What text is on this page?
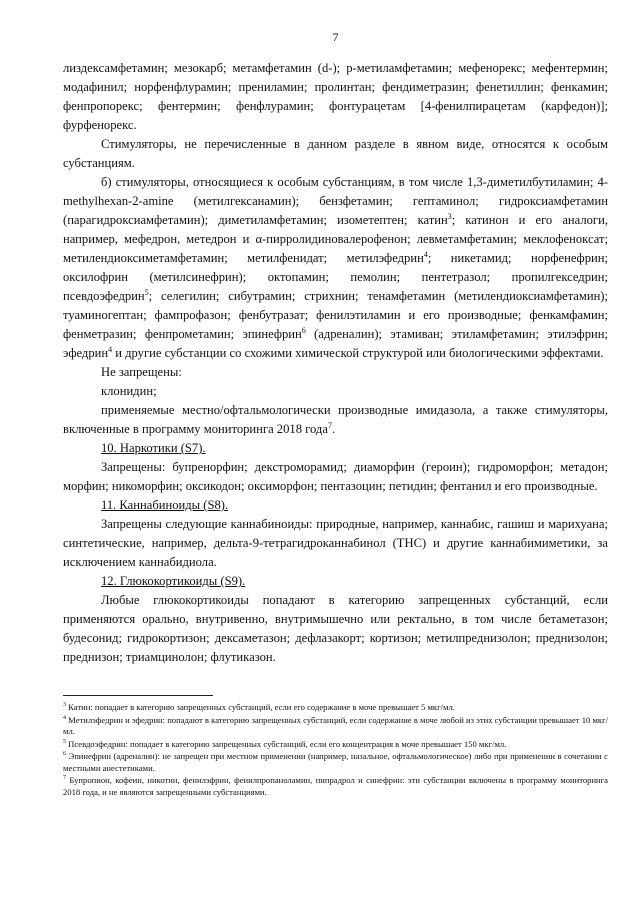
7

лиздексамфетамин; мезокарб; метамфетамин (d-); р-метиламфетамин; мефенорекс; мефентермин; модафинил; норфенфлурамин; прениламин; пролинтан; фендиметразин; фенетиллин; фенкамин; фенпропорекс; фентермин; фенфлурамин; фонтурацетам [4-фенилпирацетам (карфедон)]; фурфенорекс.

Стимуляторы, не перечисленные в данном разделе в явном виде, относятся к особым субстанциям.

б) стимуляторы, относящиеся к особым субстанциям, в том числе 1,3-диметилбутиламин; 4-methylhexan-2-amine (метилгексанамин); бензфетамин; гептаминол; гидроксиамфетамин (парагидроксиамфетамин); диметиламфетамин; изометептен; катин$^3$; катинон и его аналоги, например, мефедрон, метедрон и α-пирролидиновалерофенон; левметамфетамин; меклофеноксат; метилендиоксиметамфетамин; метилфенидат; метилэфедрин$^4$; никетамид; норфенефрин; оксилофрин (метилсинефрин); октопамин; пемолин; пентетразол; пропилгекседрин; псевдоэфедрин$^5$; селегилин; сибутрамин; стрихнин; тенамфетамин (метилендиоксиамфетамин); туаминогептан; фампрофазон; фенбутразат; фенилэтиламин и его производные; фенкамфамин; фенметразин; фенпрометамин; эпинефрин$^6$ (адреналин); этамиван; этиламфетамин; этилэфрин; эфедрин$^4$ и другие субстанции со схожими химической структурой или биологическими эффектами.

Не запрещены:

клонидин;

применяемые местно/офтальмологически производные имидазола, а также стимуляторы, включенные в программу мониторинга 2018 года$^7$.

10. Наркотики (S7).

Запрещены: бупренорфин; декстроморамид; диаморфин (героин); гидроморфон; метадон; морфин; никоморфин; оксикодон; оксиморфон; пентазоцин; петидин; фентанил и его производные.

11. Каннабиноиды (S8).

Запрещены следующие каннабиноиды: природные, например, каннабис, гашиш и марихуана; синтетические, например, дельта-9-тетрагидроканнабинол (ТНС) и другие каннабимиметики, за исключением каннабидиола.

12. Глюкокортикоиды (S9).

Любые глюкокортикоиды попадают в категорию запрещенных субстанций, если применяются орально, внутривенно, внутримышечно или ректально, в том числе бетаметазон; будесонид; гидрокортизон; дексаметазон; дефлазакорт; кортизон; метилпреднизолон; преднизолон; преднизон; триамцинолон; флутиказон.

$^3$ Катин: попадает в категорию запрещенных субстанций, если его содержание в моче превышает 5 мкг/мл.

$^4$ Метилэфедрин и эфедрин: попадают в категорию запрещенных субстанций, если содержание в моче любой из этих субстанции превышает 10 мкг/мл.

$^5$ Псевдоэфедрин: попадает в категорию запрещенных субстанций, если его концентрация в моче превышает 150 мкг/мл.

$^6$ Эпинефрин (адреналин): не запрещен при местном применении (например, назальное, офтальмологическое) либо при применении в сочетании с местными анестетиками.

$^7$ Бупропион, кофеин, никотин, фенилэфрин, фенилпропаноламин, пипрадрол и синефрин: эти субстанции включены в программу мониторинга 2018 года, и не являются запрещенными субстанциями.
